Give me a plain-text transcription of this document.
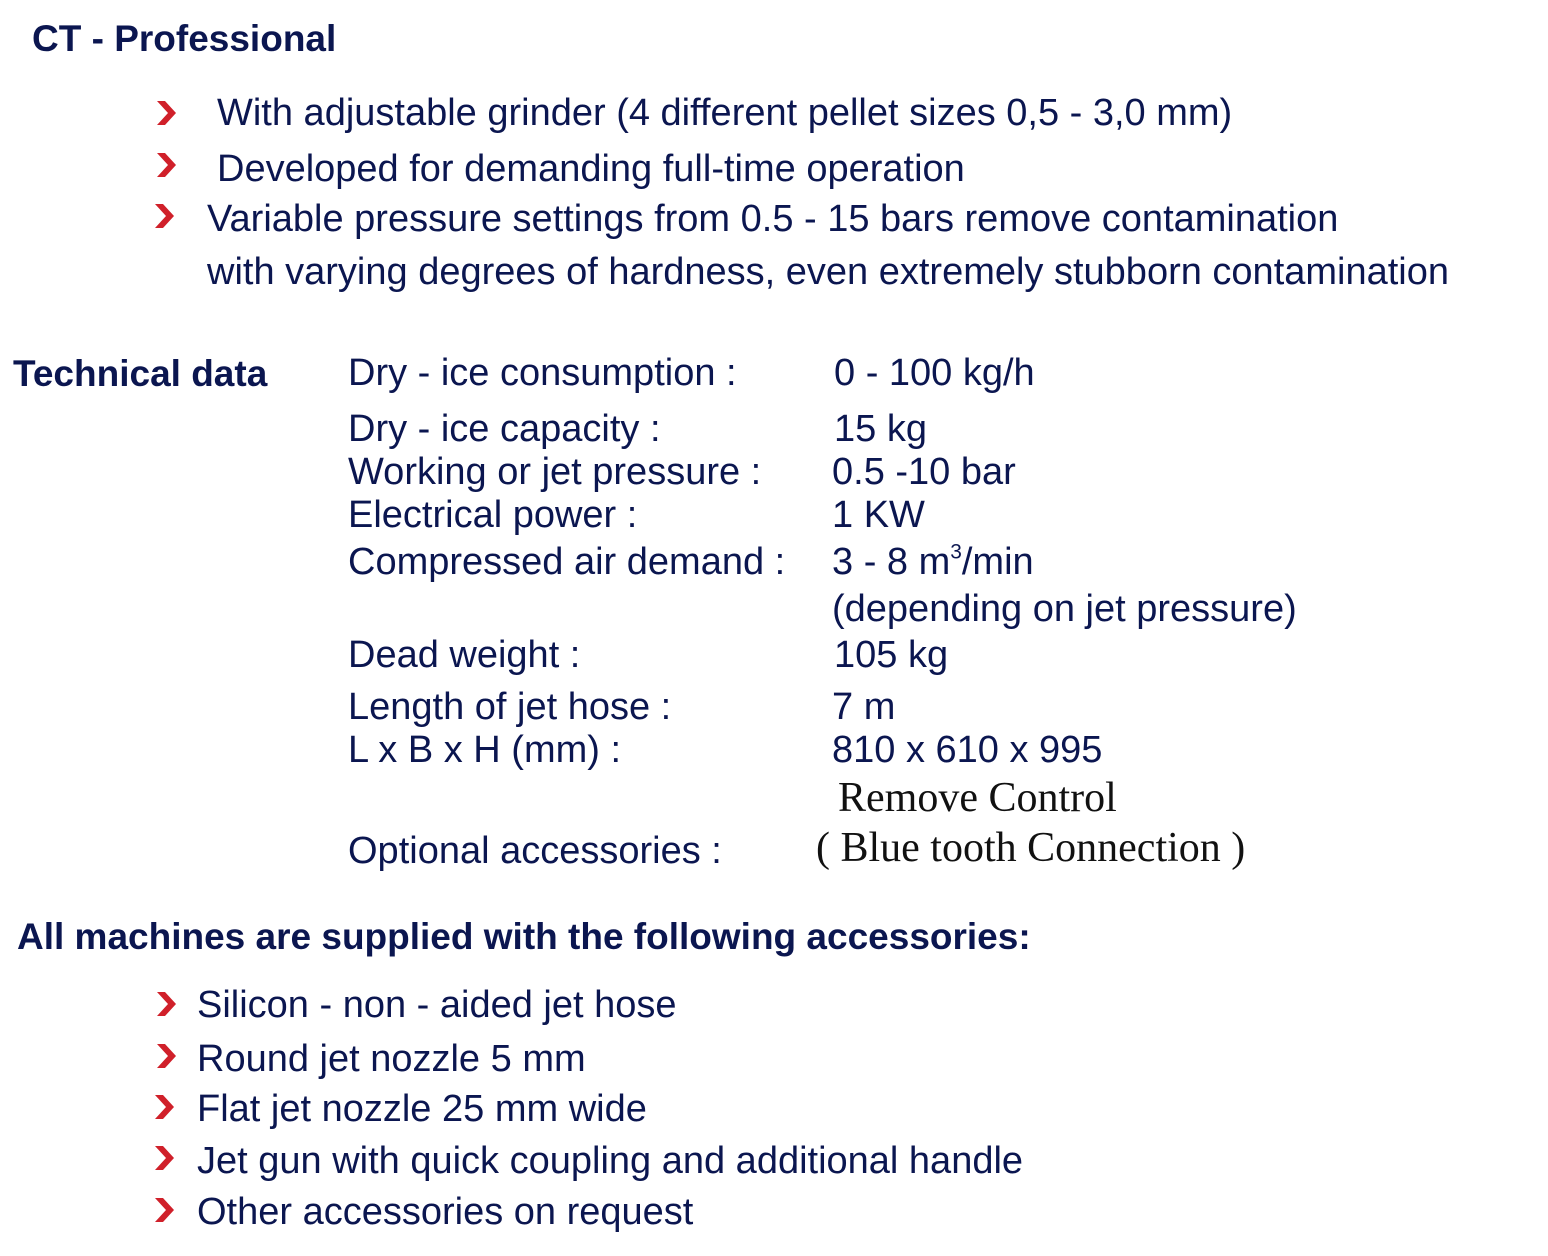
CT - Professional
With adjustable grinder (4 different pellet sizes 0,5 - 3,0 mm)
Developed for demanding full-time operation
Variable pressure settings from 0.5 - 15 bars remove contamination
with varying degrees of hardness, even extremely stubborn contamination
Technical data Dry - ice consumption :	0 - 100 kg/h
Dry - ice capacity :	15 kg
Working or jet pressure : 0.5 -10 bar
Electrical power :	1 KW
Compressed air demand : 3 - 8 $m^3/\min$
(depending on jet pressure)
Dead weight :	105 kg
Length of jet hose :	7 m
L x B x H (mm) :	810 x 610 x 995
Remove Control
Optional accessories : ( Blue tooth Connection )
All machines are supplied with the following accessories:
Silicon - non - aided jet hose
Round jet nozzle 5 mm
Flat jet nozzle 25 mm wide
Jet gun with quick coupling and additional handle
Other accessories on request
